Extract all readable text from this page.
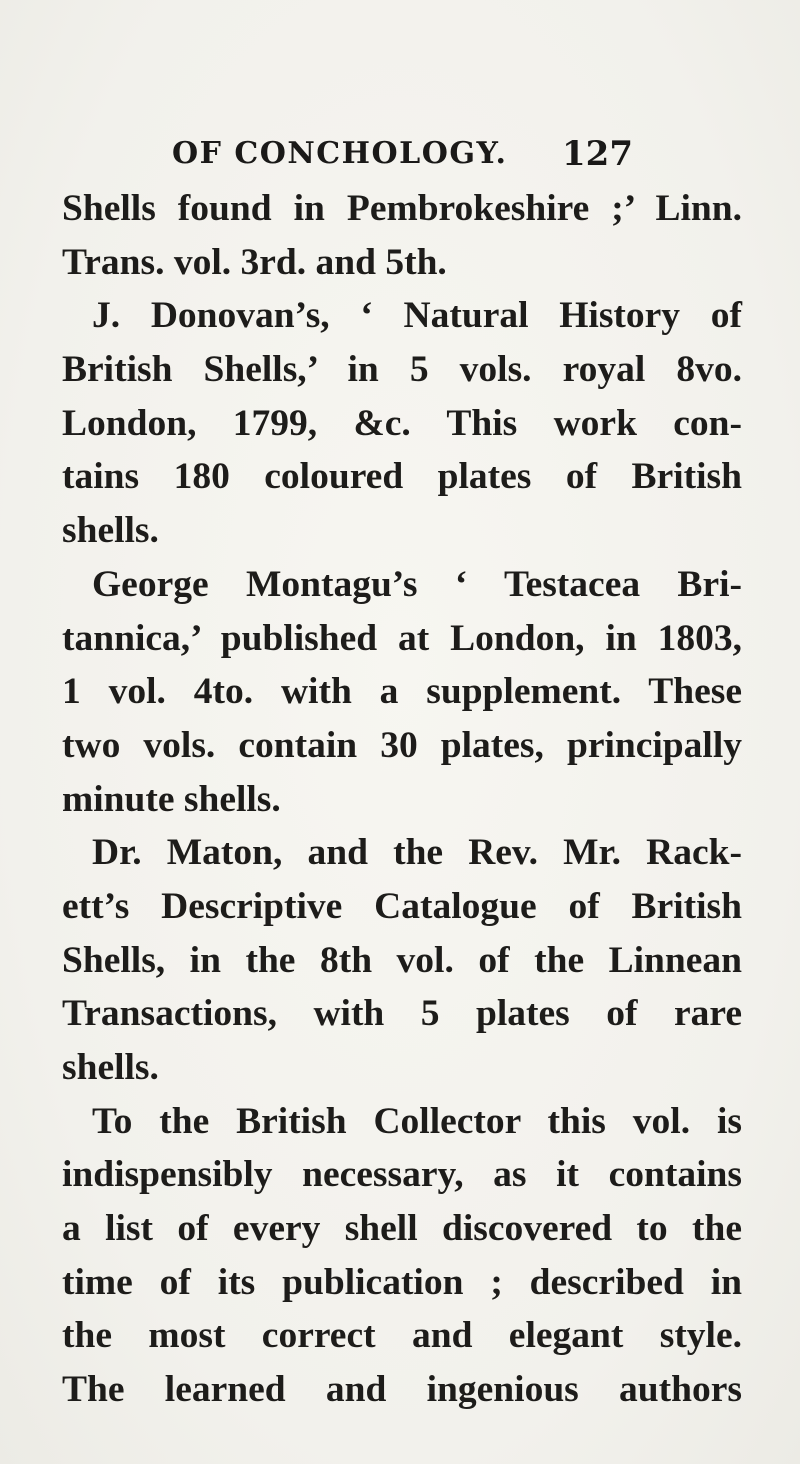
OF CONCHOLOGY. 127
Shells found in Pembrokeshire ;’ Linn.
Trans. vol. 3rd. and 5th.
J. Donovan’s, ‘ Natural History of
British Shells,’ in 5 vols. royal 8vo.
London, 1799, &c. This work con-
tains 180 coloured plates of British
shells.
George Montagu’s ‘ Testacea Bri-
tannica,’ published at London, in 1803,
1 vol. 4to. with a supplement. These
two vols. contain 30 plates, principally
minute shells.
Dr. Maton, and the Rev. Mr. Rack-
ett’s Descriptive Catalogue of British
Shells, in the 8th vol. of the Linnean
Transactions, with 5 plates of rare
shells.
To the British Collector this vol. is
indispensibly necessary, as it contains
a list of every shell discovered to the
time of its publication ; described in
the most correct and elegant style.
The learned and ingenious authors
